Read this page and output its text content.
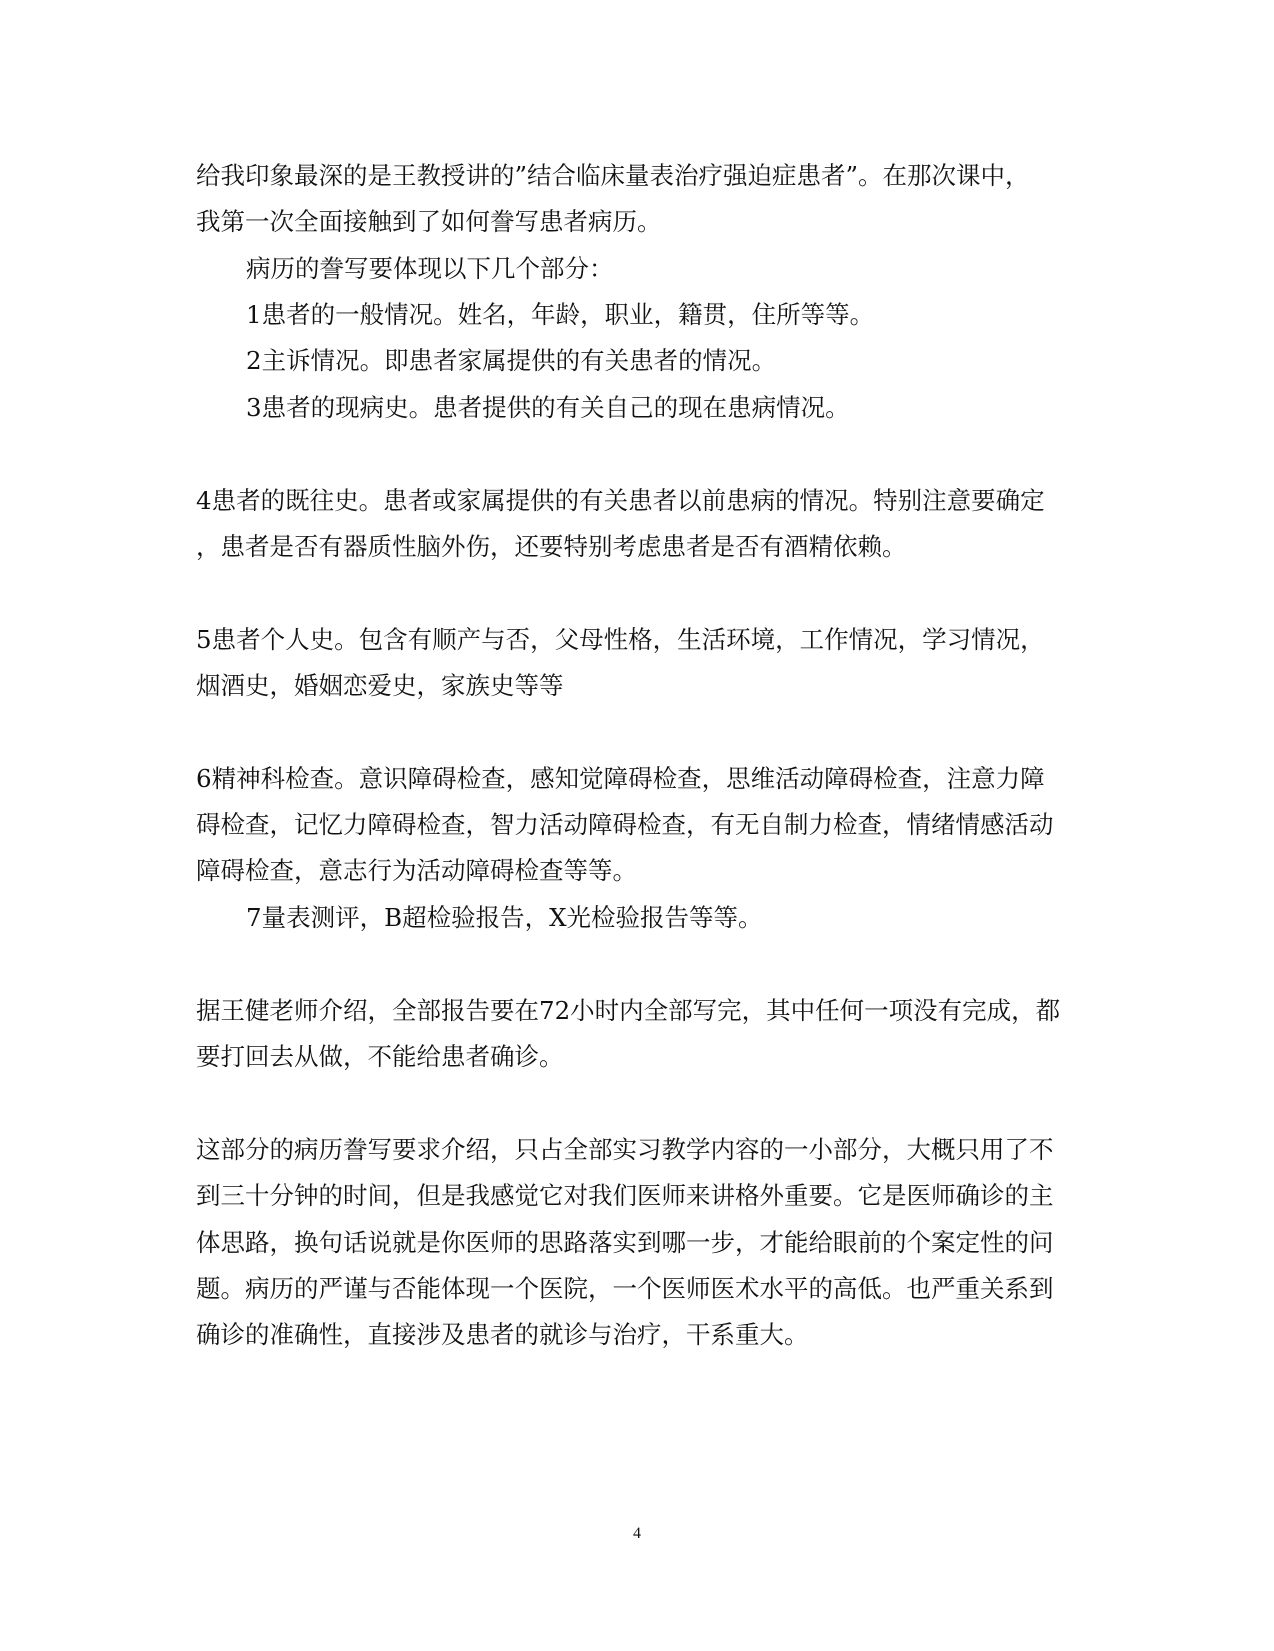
给我印象最深的是王教授讲的”结合临床量表治疗强迫症患者”。在那次课中，
我第一次全面接触到了如何誊写患者病历。
病历的誊写要体现以下几个部分：
1患者的一般情况。姓名，年龄，职业，籍贯，住所等等。
2主诉情况。即患者家属提供的有关患者的情况。
3患者的现病史。患者提供的有关自己的现在患病情况。
4患者的既往史。患者或家属提供的有关患者以前患病的情况。特别注意要确定
，患者是否有器质性脑外伤，还要特别考虑患者是否有酒精依赖。
5患者个人史。包含有顺产与否，父母性格，生活环境，工作情况，学习情况，
烟酒史，婚姻恋爱史，家族史等等
6精神科检查。意识障碍检查，感知觉障碍检查，思维活动障碍检查，注意力障
碍检查，记忆力障碍检查，智力活动障碍检查，有无自制力检查，情绪情感活动
障碍检查，意志行为活动障碍检查等等。
7量表测评，B超检验报告，X光检验报告等等。
据王健老师介绍，全部报告要在72小时内全部写完，其中任何一项没有完成，都
要打回去从做，不能给患者确诊。
这部分的病历誊写要求介绍，只占全部实习教学内容的一小部分，大概只用了不
到三十分钟的时间，但是我感觉它对我们医师来讲格外重要。它是医师确诊的主
体思路，换句话说就是你医师的思路落实到哪一步，才能给眼前的个案定性的问
题。病历的严谨与否能体现一个医院，一个医师医术水平的高低。也严重关系到
确诊的准确性，直接涉及患者的就诊与治疗，干系重大。
4
